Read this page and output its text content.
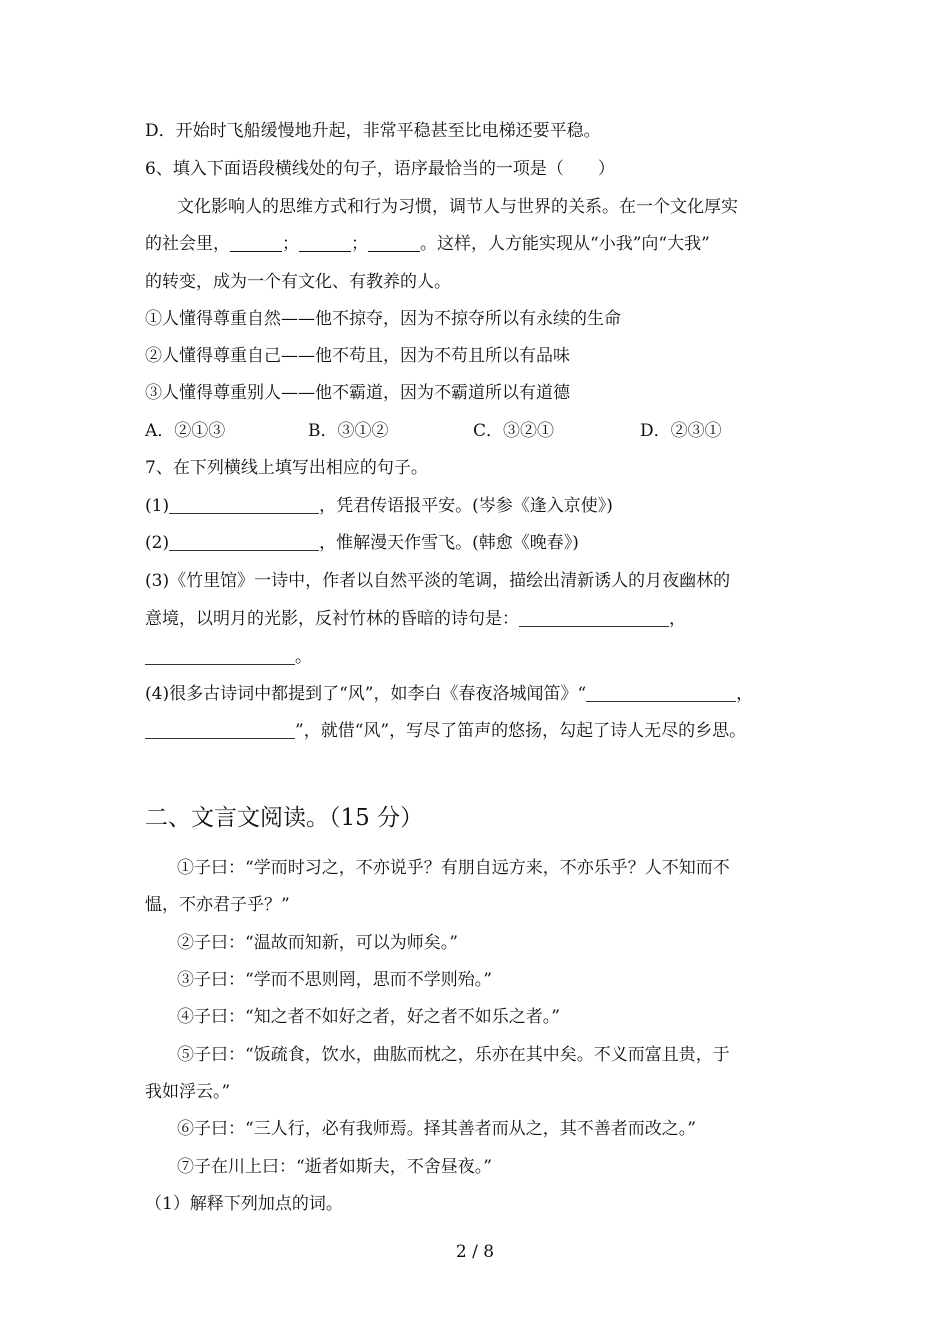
D．开始时飞船缓慢地升起，非常平稳甚至比电梯还要平稳。
6、填入下面语段横线处的句子，语序最恰当的一项是（　　）
文化影响人的思维方式和行为习惯，调节人与世界的关系。在一个文化厚实
的社会里，	；	；	。这样，人方能实现从“小我”向“大我”
的转变，成为一个有文化、有教养的人。
①人懂得尊重自然——他不掠夺，因为不掠夺所以有永续的生命
②人懂得尊重自己——他不苟且，因为不苟且所以有品味
③人懂得尊重别人——他不霸道，因为不霸道所以有道德
A．②①③	B．③①②	C．③②①	D．②③①
7、在下列横线上填写出相应的句子。
(1)	，凭君传语报平安。(岑参《逢入京使》)
(2)	，惟解漫天作雪飞。(韩愈《晚春》)
(3)《竹里馆》一诗中，作者以自然平淡的笔调，描绘出清新诱人的月夜幽林的
意境，以明月的光影，反衬竹林的昏暗的诗句是：	，
。
(4)很多古诗词中都提到了“风”，如李白《春夜洛城闻笛》“	，
”，就借“风”，写尽了笛声的悠扬，勾起了诗人无尽的乡思。
二、文言文阅读。（15 分）
①子曰：“学而时习之，不亦说乎？有朋自远方来，不亦乐乎？人不知而不
愠，不亦君子乎？”
②子曰：“温故而知新，可以为师矣。”
③子曰：“学而不思则罔，思而不学则殆。”
④子曰：“知之者不如好之者，好之者不如乐之者。”
⑤子曰：“饭疏食，饮水，曲肱而枕之，乐亦在其中矣。不义而富且贵，于
我如浮云。”
⑥子曰：“三人行，必有我师焉。择其善者而从之，其不善者而改之。”
⑦子在川上曰：“逝者如斯夫，不舍昼夜。”
（1）解释下列加点的词。
2 / 8
